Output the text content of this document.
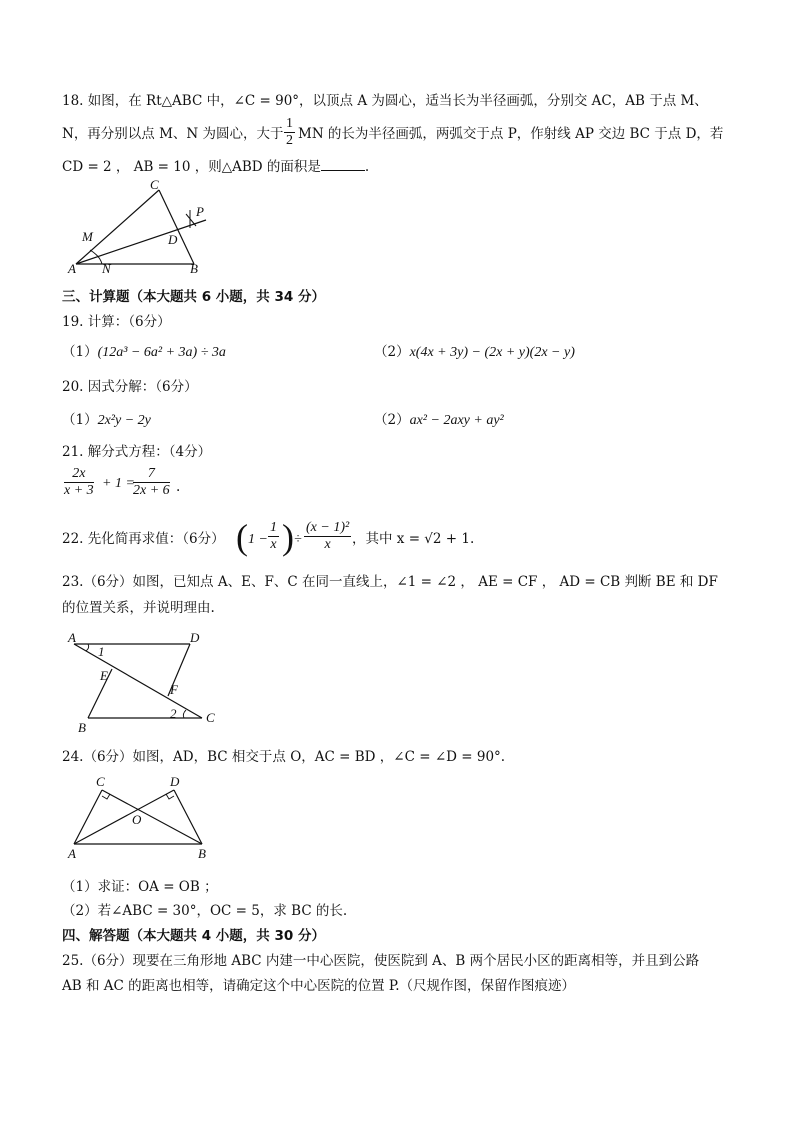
18. 如图，在 Rt△ABC 中，∠C = 90°，以顶点 A 为圆心，适当长为半径画弧，分别交 AC，AB 于点 M、
N，再分别以点 M、N 为圆心，大于 $\frac{1}{2}$ MN 的长为半径画弧，两弧交于点 P，作射线 AP 交边 BC 于点 D，若
CD = 2 ， AB = 10 ，则△ABD 的面积是	.
C
P
M	D
A N	B
三、计算题（本大题共 6 小题，共 34 分）
19. 计算：（6分）
（1）(12a³ − 6a² + 3a) ÷ 3a	（2）x(4x + 3y) − (2x + y)(2x − y)
20. 因式分解：（6分）
（1）2x²y − 2y	（2）ax² − 2axy + ay²
21. 解分式方程：（4分）
$\frac{2x}{x + 3} + 1$ =
$\frac{7}{2x + 6}$ .
22. 先化简再求值：（6分） ( $1 - \frac{1}{x}$ ) ÷ $\frac{\text{(x − 1)²}}{x}$ ，其中 x = √2 + 1.
23.（6分）如图，已知点 A、E、F、C 在同一直线上，∠1 = ∠2 ， AE = CF ， AD = CB 判断 BE 和 DF
的位置关系，并说明理由.
A	D
1
E
F
2
B
C
24.（6分）如图，AD，BC 相交于点 O，AC = BD ，∠C = ∠D = 90°.
C	D
O
A	B
（1）求证：OA = OB ；
（2）若∠ABC = 30°，OC = 5，求 BC 的长.
四、解答题（本大题共 4 小题，共 30 分）
25.（6分）现要在三角形地 ABC 内建一中心医院，使医院到 A、B 两个居民小区的距离相等，并且到公路
AB 和 AC 的距离也相等，请确定这个中心医院的位置 P.（尺规作图，保留作图痕迹）
